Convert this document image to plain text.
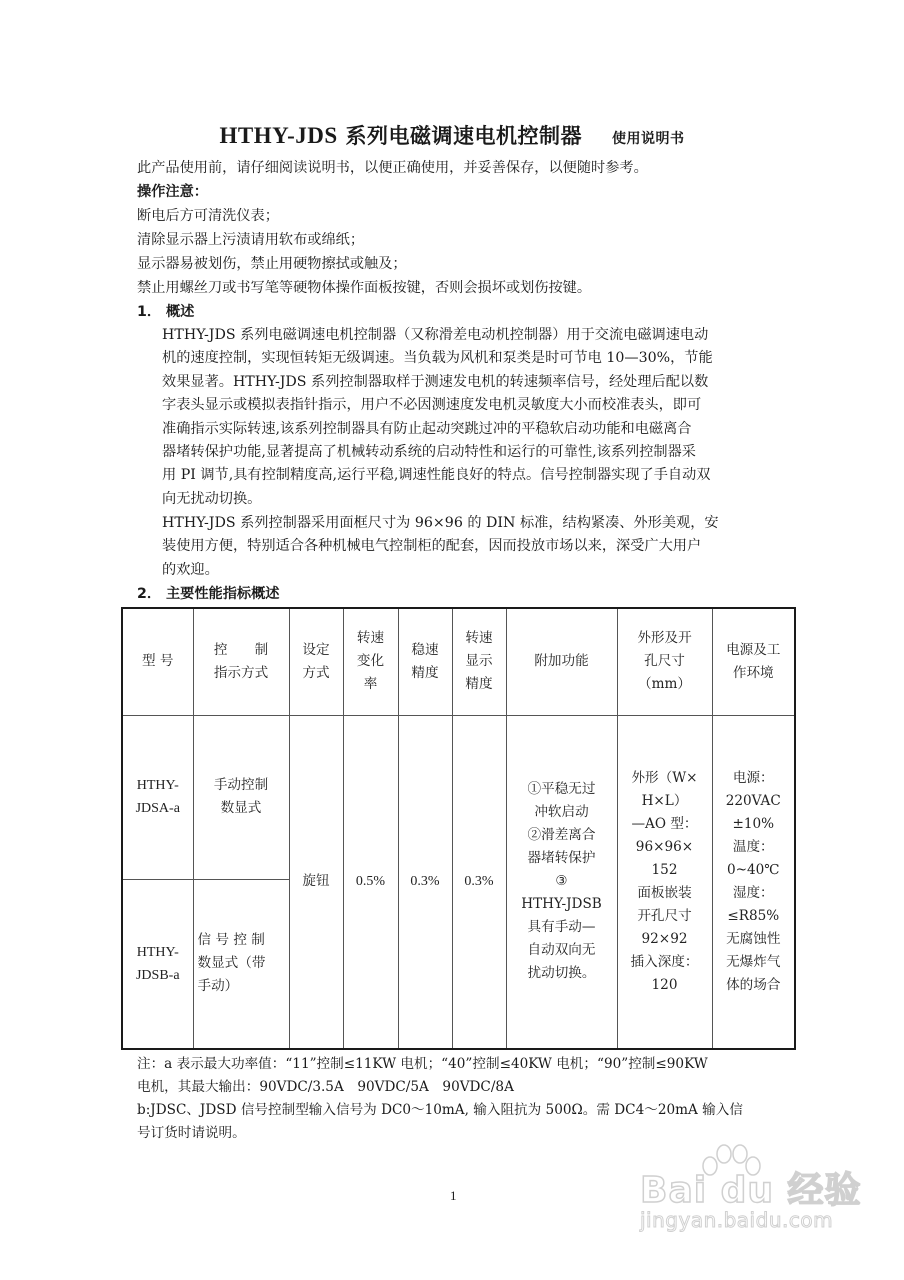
HTHY-JDS 系列电磁调速电机控制器 使用说明书
此产品使用前，请仔细阅读说明书，以便正确使用，并妥善保存，以便随时参考。
操作注意：
断电后方可清洗仪表；
清除显示器上污渍请用软布或绵纸；
显示器易被划伤，禁止用硬物擦拭或触及；
禁止用螺丝刀或书写笔等硬物体操作面板按键，否则会损坏或划伤按键。
1． 概述
HTHY-JDS 系列电磁调速电机控制器（又称滑差电动机控制器）用于交流电磁调速电动
机的速度控制，实现恒转矩无级调速。当负载为风机和泵类是时可节电 10—30%，节能
效果显著。HTHY-JDS 系列控制器取样于测速发电机的转速频率信号，经处理后配以数
字表头显示或模拟表指针指示，用户不必因测速度发电机灵敏度大小而校准表头，即可
准确指示实际转速,该系列控制器具有防止起动突跳过冲的平稳软启动功能和电磁离合
器堵转保护功能,显著提高了机械转动系统的启动特性和运行的可靠性,该系列控制器采
用 PI 调节,具有控制精度高,运行平稳,调速性能良好的特点。信号控制器实现了手自动双
向无扰动切换。
HTHY-JDS 系列控制器采用面框尺寸为 96×96 的 DIN 标准，结构紧凑、外形美观，安
装使用方便，特别适合各种机械电气控制柜的配套，因而投放市场以来，深受广大用户
的欢迎。
2． 主要性能指标概述
型 号	控　　制
指示方式	设定
方式	转速
变化
率	稳速
精度	转速
显示
精度	附加功能	外形及开
孔尺寸
（mm）	电源及工
作环境
HTHY-
JDSA-a	手动控制
数显式	旋钮	0.5%	0.3%	0.3%	①平稳无过
冲软启动
②滑差离合
器堵转保护
③
HTHY-JDSB
具有手动—
自动双向无
扰动切换。	外形（W×
H×L）
—AO 型：
96×96×
152
面板嵌装
开孔尺寸
92×92
插入深度：
120	电源：
220VAC
±10%
温度：
0~40℃
湿度：
≤R85%
无腐蚀性
无爆炸气
体的场合
HTHY-
JDSB-a	信 号 控 制
数显式（带
手动）							
注：a 表示最大功率值：“11”控制≤11KW 电机；“40”控制≤40KW 电机；“90”控制≤90KW
电机，其最大输出：90VDC/3.5A　90VDC/5A　90VDC/8A
b:JDSC、JDSD 信号控制型输入信号为 DC0～10mA, 输入阻抗为 500Ω。需 DC4～20mA 输入信
号订货时请说明。
1	Bai du 经验
jingyan.baidu.com
